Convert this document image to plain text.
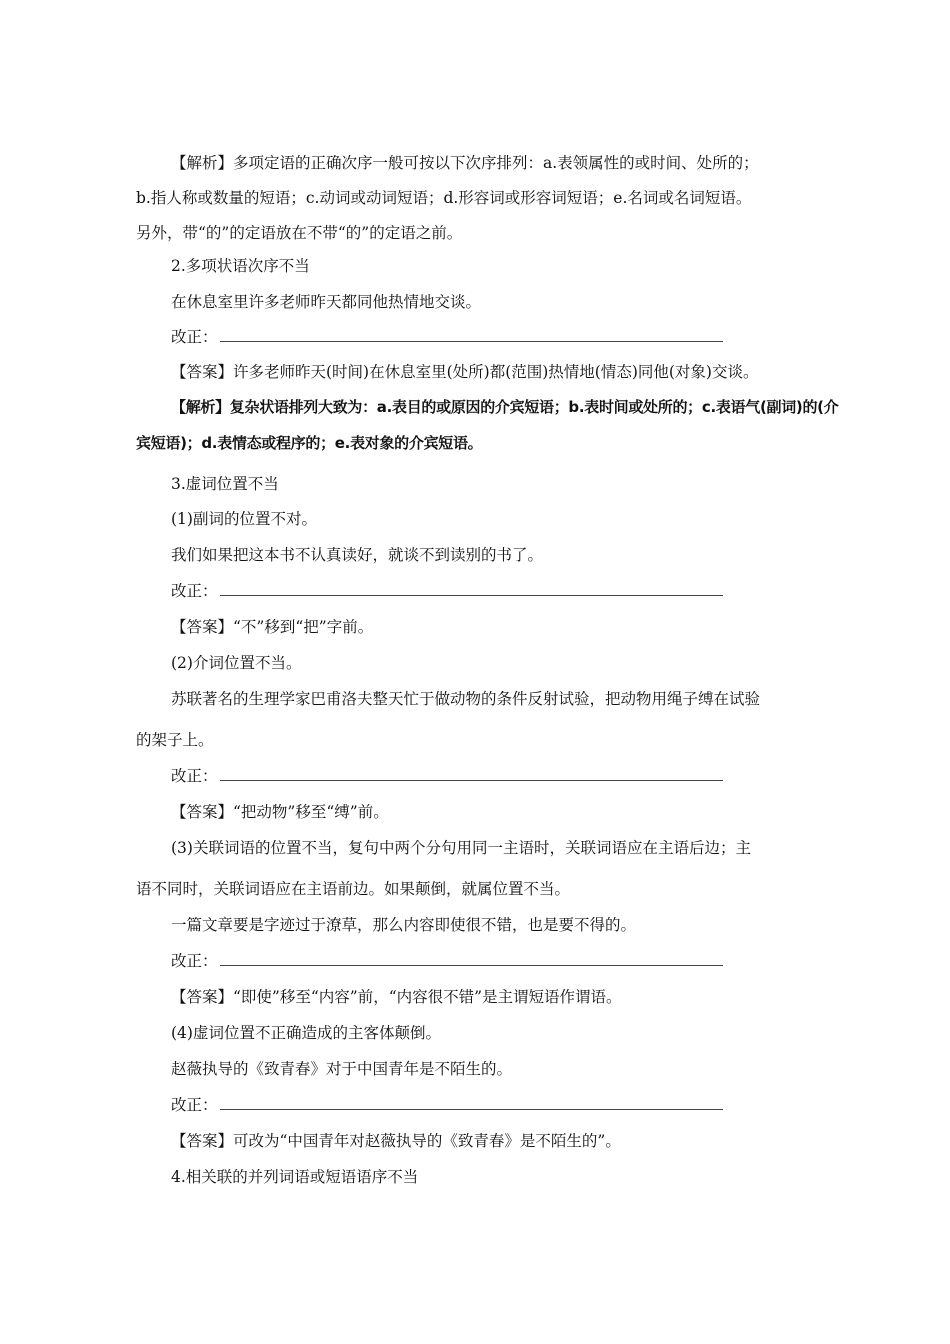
【解析】多项定语的正确次序一般可按以下次序排列：a.表领属性的或时间、处所的；
b.指人称或数量的短语；c.动词或动词短语；d.形容词或形容词短语；e.名词或名词短语。
另外，带“的”的定语放在不带“的”的定语之前。
2.多项状语次序不当
在休息室里许多老师昨天都同他热情地交谈。
改正：
【答案】许多老师昨天(时间)在休息室里(处所)都(范围)热情地(情态)同他(对象)交谈。
【解析】复杂状语排列大致为：a.表目的或原因的介宾短语；b.表时间或处所的；c.表语气(副词)的(介
宾短语)；d.表情态或程序的；e.表对象的介宾短语。
3.虚词位置不当
(1)副词的位置不对。
我们如果把这本书不认真读好，就谈不到读别的书了。
改正：
【答案】“不”移到“把”字前。
(2)介词位置不当。
苏联著名的生理学家巴甫洛夫整天忙于做动物的条件反射试验，把动物用绳子缚在试验
的架子上。
改正：
【答案】“把动物”移至“缚”前。
(3)关联词语的位置不当，复句中两个分句用同一主语时，关联词语应在主语后边；主
语不同时，关联词语应在主语前边。如果颠倒，就属位置不当。
一篇文章要是字迹过于潦草，那么内容即使很不错，也是要不得的。
改正：
【答案】“即使”移至“内容”前，“内容很不错”是主谓短语作谓语。
(4)虚词位置不正确造成的主客体颠倒。
赵薇执导的《致青春》对于中国青年是不陌生的。
改正：
【答案】可改为“中国青年对赵薇执导的《致青春》是不陌生的”。
4.相关联的并列词语或短语语序不当
